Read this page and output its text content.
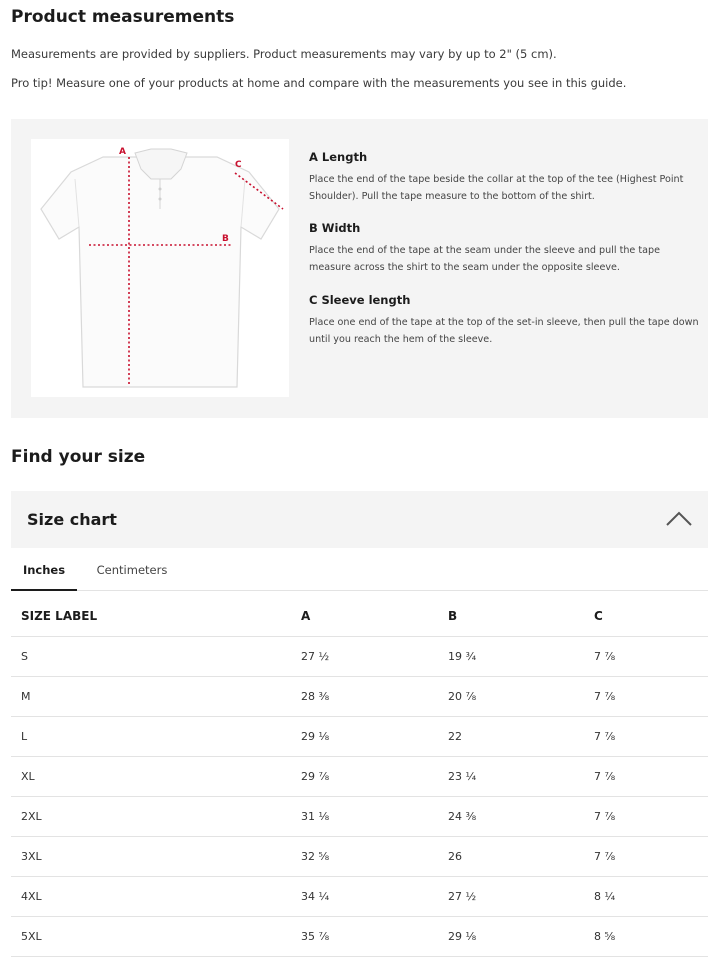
Product measurements

Measurements are provided by suppliers. Product measurements may vary by up to 2" (5 cm).

Pro tip! Measure one of your products at home and compare with the measurements you see in this guide.

A
B
C

A Length

Place the end of the tape beside the collar at the top of the tee (Highest Point Shoulder). Pull the tape measure to the bottom of the shirt.

B Width

Place the end of the tape at the seam under the sleeve and pull the tape measure across the shirt to the seam under the opposite sleeve.

C Sleeve length

Place one end of the tape at the top of the set-in sleeve, then pull the tape down until you reach the hem of the sleeve.

Find your size
Size chart
Inches	Centimeters
SIZE LABEL	A	B	C
S	27 ½	19 ¾	7 ⅞
M	28 ⅜	20 ⅞	7 ⅞
L	29 ⅛	22	7 ⅞
XL	29 ⅞	23 ¼	7 ⅞
2XL	31 ⅛	24 ⅜	7 ⅞
3XL	32 ⅝	26	7 ⅞
4XL	34 ¼	27 ½	8 ¼
5XL	35 ⅞	29 ⅛	8 ⅝
